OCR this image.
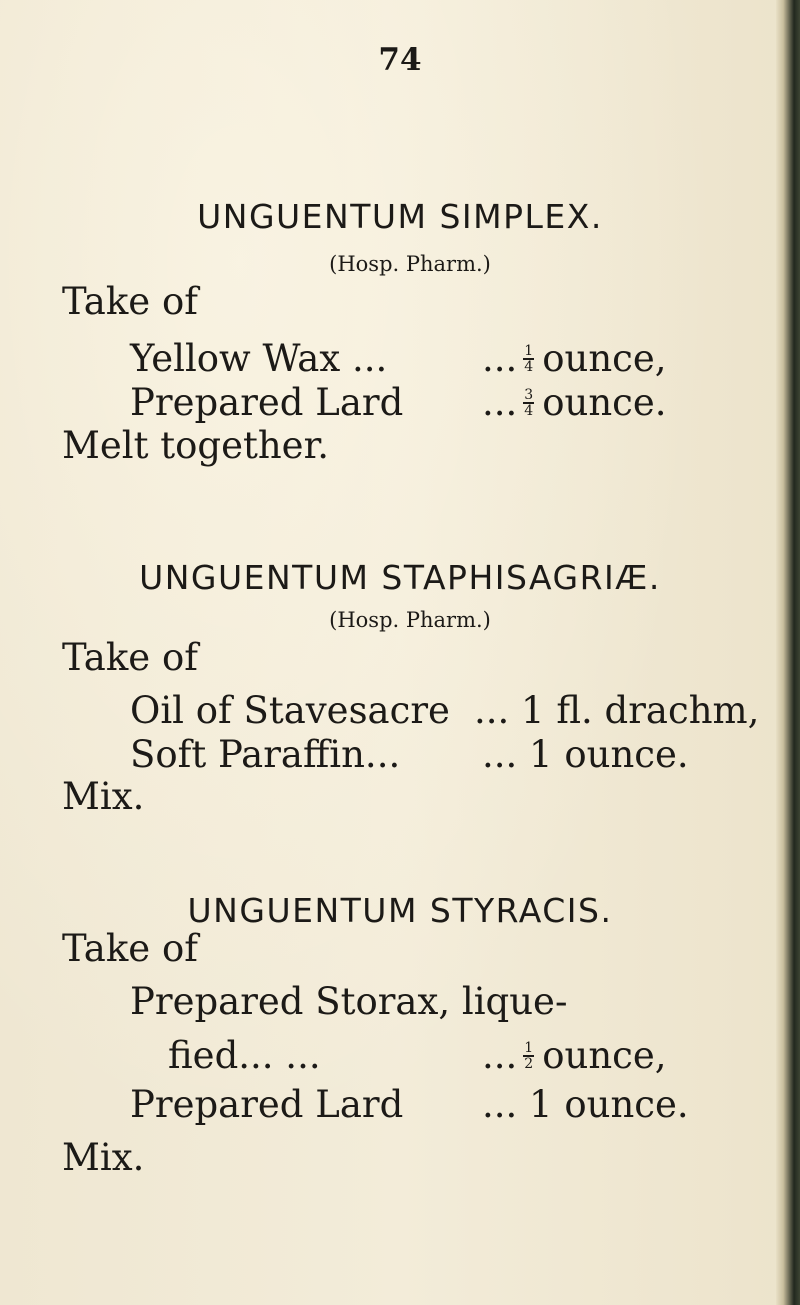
74
UNGUENTUM SIMPLEX.
(Hosp. Pharm.)
Take of
Yellow Wax ...	... $\frac{1}{4}$ ounce,
Prepared Lard ... $\frac{3}{4}$ ounce.
Melt together.
UNGUENTUM STAPHISAGRIÆ.
(Hosp. Pharm.)
Take of
Oil of Stavesacre ... 1 fl. drachm,
Soft Paraffin... ... 1 ounce.
Mix.
UNGUENTUM STYRACIS.
Take of
Prepared Storax, lique-
fied... ...	... $\frac{1}{2}$ ounce,
Prepared Lard ... 1 ounce.
Mix.
